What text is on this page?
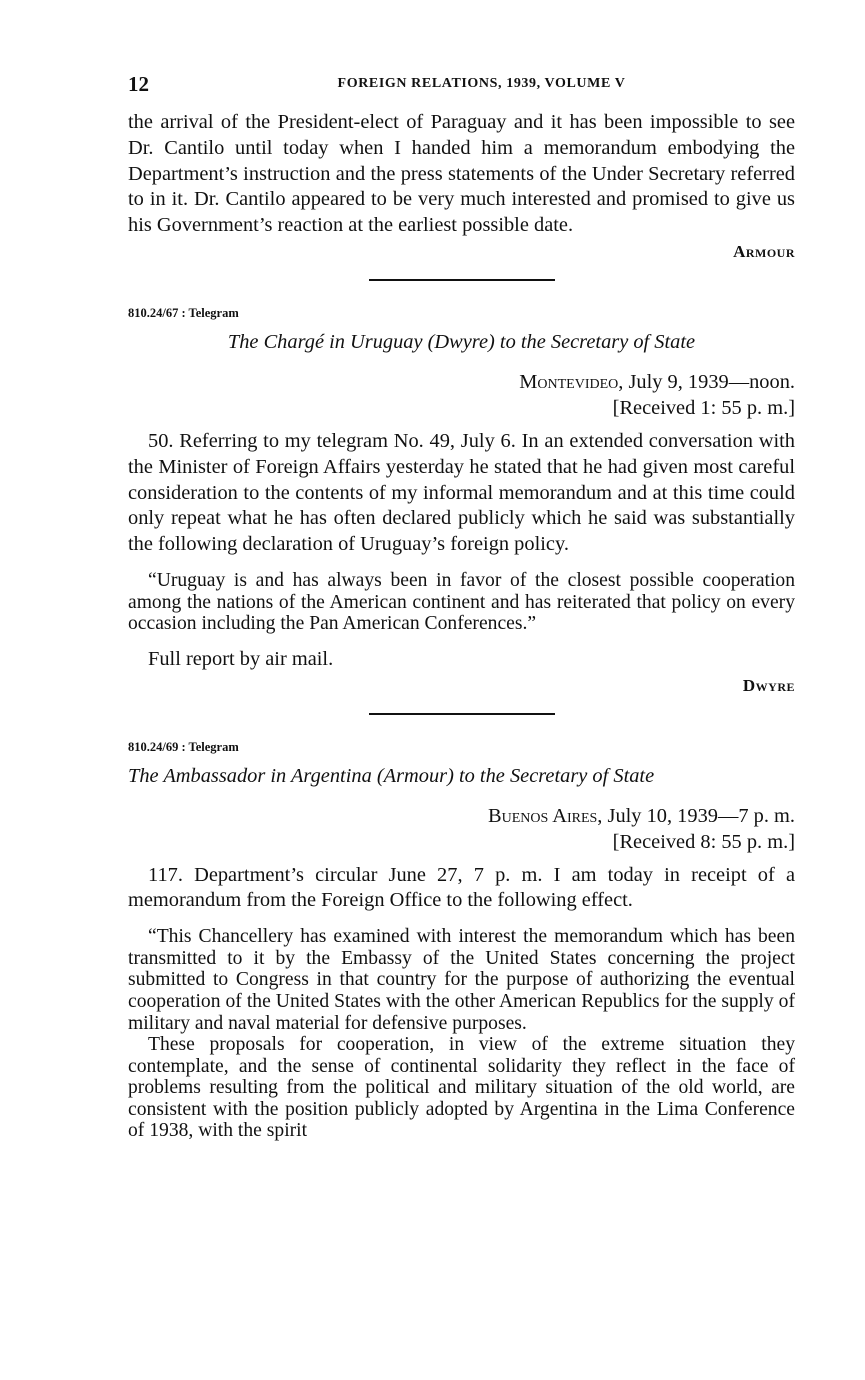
12	FOREIGN RELATIONS, 1939, VOLUME V

the arrival of the President-elect of Paraguay and it has been impossible to see Dr. Cantilo until today when I handed him a memorandum embodying the Department’s instruction and the press statements of the Under Secretary referred to in it. Dr. Cantilo appeared to be very much interested and promised to give us his Government’s reaction at the earliest possible date.

Armour

810.24/67 : Telegram

The Chargé in Uruguay (Dwyre) to the Secretary of State

Montevideo, July 9, 1939—noon.

[Received 1: 55 p. m.]

50. Referring to my telegram No. 49, July 6. In an extended conversation with the Minister of Foreign Affairs yesterday he stated that he had given most careful consideration to the contents of my informal memorandum and at this time could only repeat what he has often declared publicly which he said was substantially the following declaration of Uruguay’s foreign policy.

“Uruguay is and has always been in favor of the closest possible cooperation among the nations of the American continent and has reiterated that policy on every occasion including the Pan American Conferences.”

Full report by air mail.

Dwyre

810.24/69 : Telegram

The Ambassador in Argentina (Armour) to the Secretary of State

Buenos Aires, July 10, 1939—7 p. m.

[Received 8: 55 p. m.]

117. Department’s circular June 27, 7 p. m. I am today in receipt of a memorandum from the Foreign Office to the following effect.

“This Chancellery has examined with interest the memorandum which has been transmitted to it by the Embassy of the United States concerning the project submitted to Congress in that country for the purpose of authorizing the eventual cooperation of the United States with the other American Republics for the supply of military and naval material for defensive purposes.

These proposals for cooperation, in view of the extreme situation they contemplate, and the sense of continental solidarity they reflect in the face of problems resulting from the political and military situation of the old world, are consistent with the position publicly adopted by Argentina in the Lima Conference of 1938, with the spirit
